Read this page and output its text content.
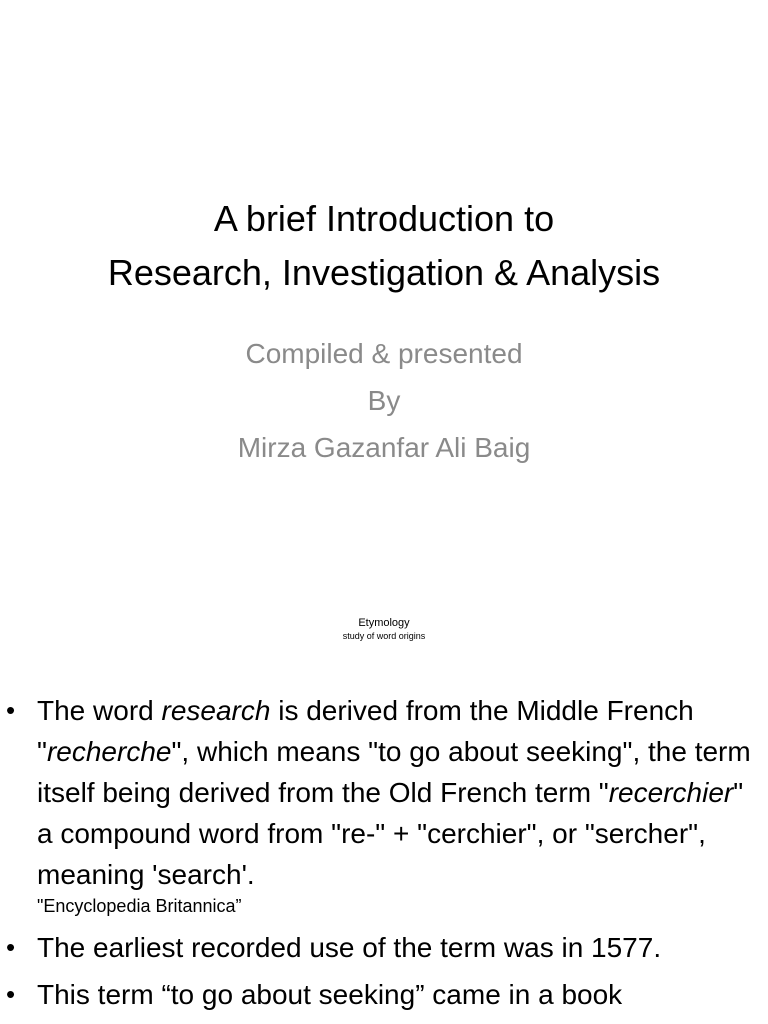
A brief Introduction to
Research, Investigation & Analysis
Compiled & presented
By
Mirza Gazanfar Ali Baig
Etymology
study of word origins
• The word research is derived from the Middle French "recherche", which means "to go about seeking", the term itself being derived from the Old French term "recerchier" a compound word from "re-" + "cerchier", or "sercher", meaning 'search'.
"Encyclopedia Britannica”
• The earliest recorded use of the term was in 1577.
• This term “to go about seeking” came in a book
